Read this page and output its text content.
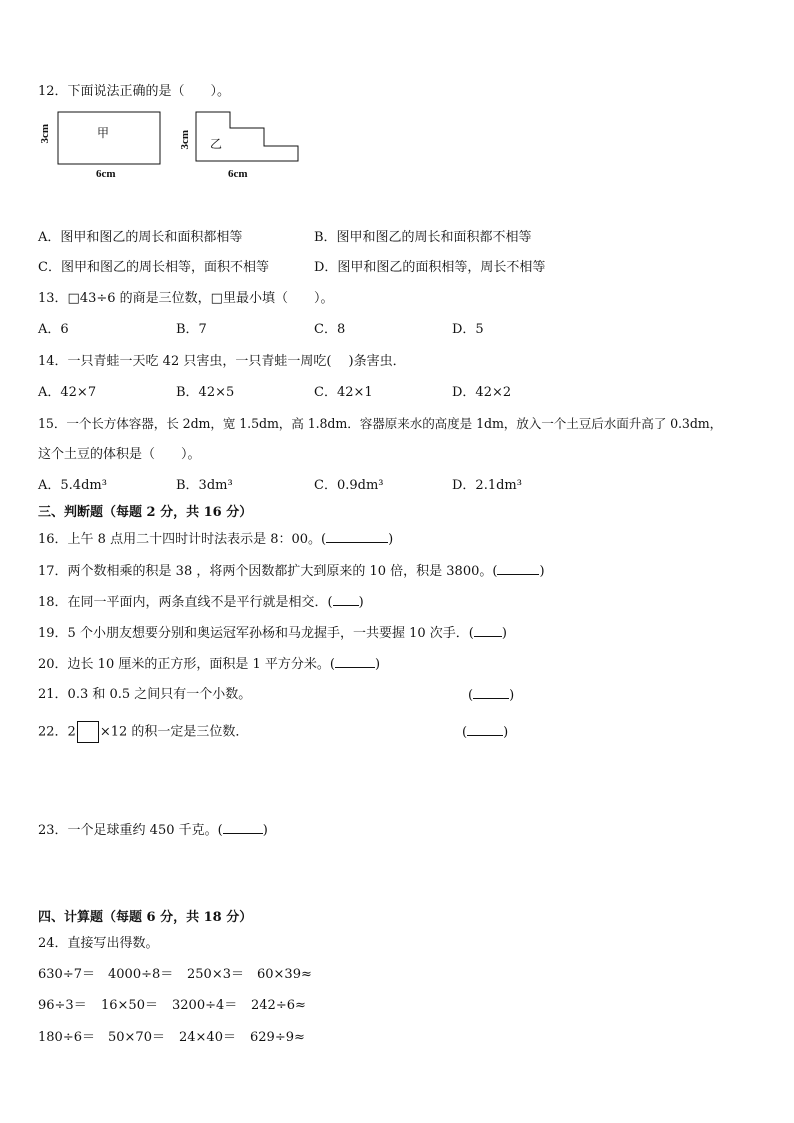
12．下面说法正确的是（　　）。
甲
乙
3cm	3cm
6cm	6cm
A．图甲和图乙的周长和面积都相等	B．图甲和图乙的周长和面积都不相等
C．图甲和图乙的周长相等，面积不相等	D．图甲和图乙的面积相等，周长不相等
13．□43÷6 的商是三位数，□里最小填（　　）。
A．6	B．7	C．8	D．5
14．一只青蛙一天吃 42 只害虫，一只青蛙一周吃(　 )条害虫．
A．42×7	B．42×5	C．42×1	D．42×2
15．一个长方体容器，长 2dm，宽 1.5dm，高 1.8dm．容器原来水的高度是 1dm，放入一个土豆后水面升高了 0.3dm，
这个土豆的体积是（　　）。
A．5.4dm³	B．3dm³	C．0.9dm³	D．2.1dm³
三、判断题（每题 2 分，共 16 分）
16．上午 8 点用二十四时计时法表示是 8：00。(	)
17．两个数相乘的积是 38 ，将两个因数都扩大到原来的 10 倍，积是 3800。(	)
18．在同一平面内，两条直线不是平行就是相交．( )
19．5 个小朋友想要分别和奥运冠军孙杨和马龙握手，一共要握 10 次手．( )
20．边长 10 厘米的正方形，面积是 1 平方分米。(	)
21．0.3 和 0.5 之间只有一个小数。	(	)
22．2 ×12 的积一定是三位数．	(	)
23．一个足球重约 450 千克。(	)
四、计算题（每题 6 分，共 18 分）
24．直接写出得数。
630÷7＝ 4000÷8＝ 250×3＝ 60×39≈
96÷3＝ 16×50＝ 3200÷4＝ 242÷6≈
180÷6＝ 50×70＝ 24×40＝ 629÷9≈
